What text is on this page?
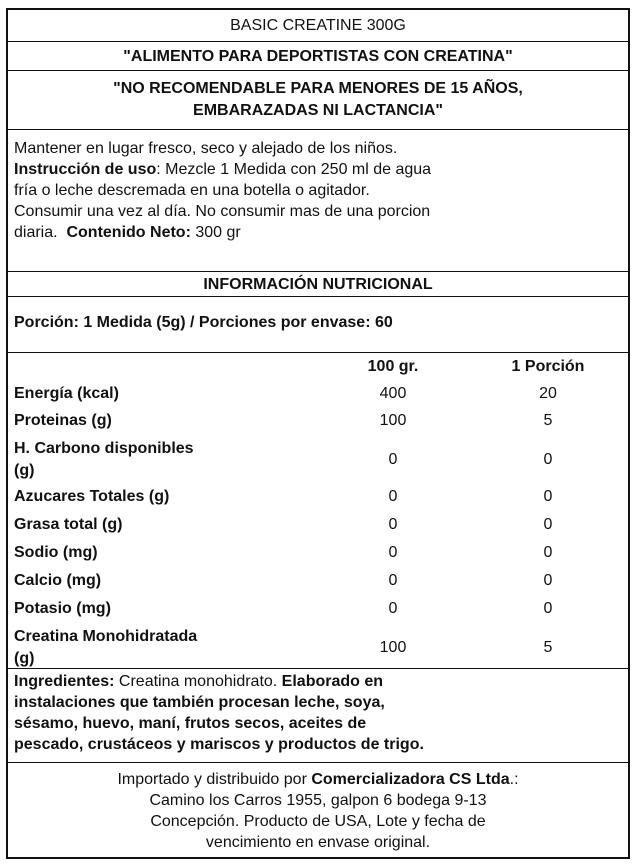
BASIC CREATINE 300G
"ALIMENTO PARA DEPORTISTAS CON CREATINA"
"NO RECOMENDABLE PARA MENORES DE 15 AÑOS,
EMBARAZADAS NI LACTANCIA"
Mantener en lugar fresco, seco y alejado de los niños.
Instrucción de uso: Mezcle 1 Medida con 250 ml de agua
fría o leche descremada en una botella o agitador.
Consumir una vez al día. No consumir mas de una porcion
diaria. Contenido Neto: 300 gr
INFORMACIÓN NUTRICIONAL
Porción: 1 Medida (5g) / Porciones por envase: 60
100 gr.	1 Porción
Energía (kcal)	400	20
Proteinas (g)	100	5
H. Carbono disponibles
(g)
0	0
Azucares Totales (g)	0	0
Grasa total (g)	0	0
Sodio (mg)	0	0
Calcio (mg)	0	0
Potasio (mg)	0	0
Creatina Monohidratada
(g)
100	5
Ingredientes: Creatina monohidrato. Elaborado en
instalaciones que también procesan leche, soya,
sésamo, huevo, maní, frutos secos, aceites de
pescado, crustáceos y mariscos y productos de trigo.
Importado y distribuido por Comercializadora CS Ltda.:
Camino los Carros 1955, galpon 6 bodega 9-13
Concepción. Producto de USA, Lote y fecha de
vencimiento en envase original.
